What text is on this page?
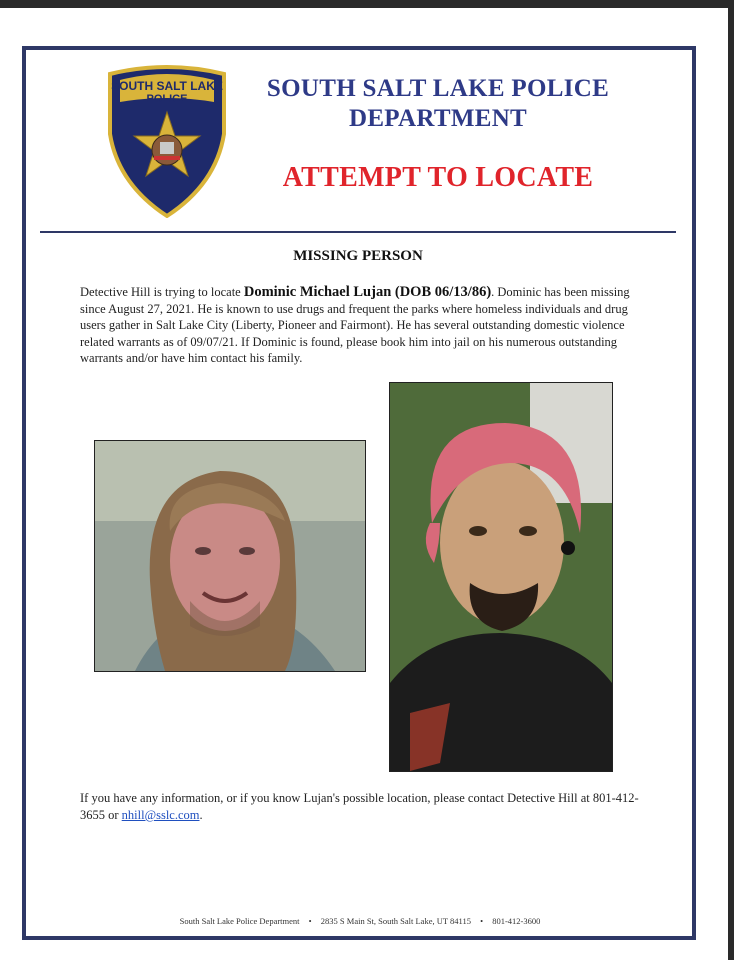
SOUTH SALT LAKE
POLICE	SOUTH SALT LAKE POLICE
DEPARTMENT
ATTEMPT TO LOCATE
MISSING PERSON
Detective Hill is trying to locate Dominic Michael Lujan (DOB 06/13/86). Dominic has been missing since August 27, 2021. He is known to use drugs and frequent the parks where homeless individuals and drug users gather in Salt Lake City (Liberty, Pioneer and Fairmont). He has several outstanding domestic violence related warrants as of 09/07/21. If Dominic is found, please book him into jail on his numerous outstanding warrants and/or have him contact his family.
If you have any information, or if you know Lujan's possible location, please contact Detective Hill at 801-412-3655 or nhill@sslc.com.
South Salt Lake Police Department • 2835 S Main St, South Salt Lake, UT 84115 • 801-412-3600
